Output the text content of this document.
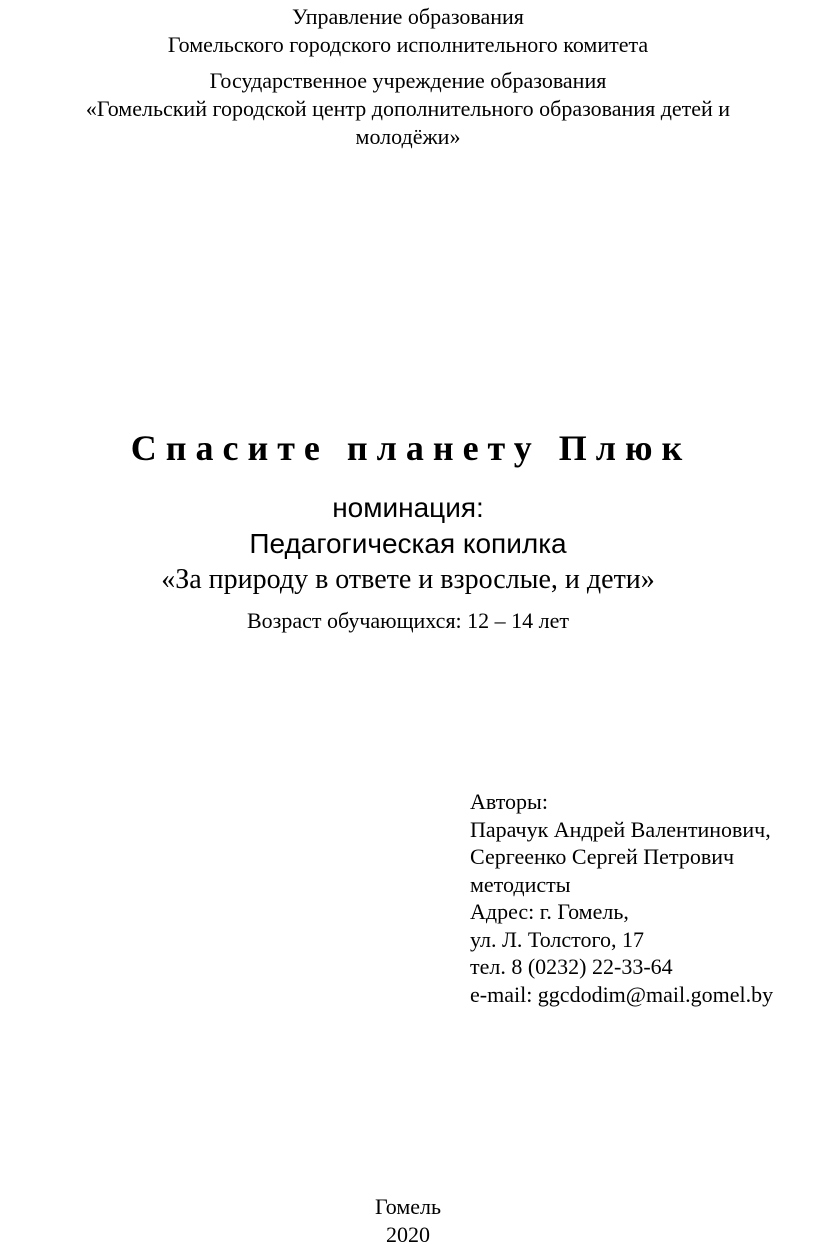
Управление образования
Гомельского городского исполнительного комитета
Государственное учреждение образования
«Гомельский городской центр дополнительного образования детей и
молодёжи»
Спасите планету Плюк
номинация:
Педагогическая копилка
«За природу в ответе и взрослые, и дети»
Возраст обучающихся: 12 – 14 лет
Авторы:
Парачук Андрей Валентинович,
Сергеенко Сергей Петрович
методисты
Адрес: г. Гомель,
ул. Л. Толстого, 17
тел. 8 (0232) 22-33-64
e-mail: ggcdodim@mail.gomel.by
Гомель
2020
